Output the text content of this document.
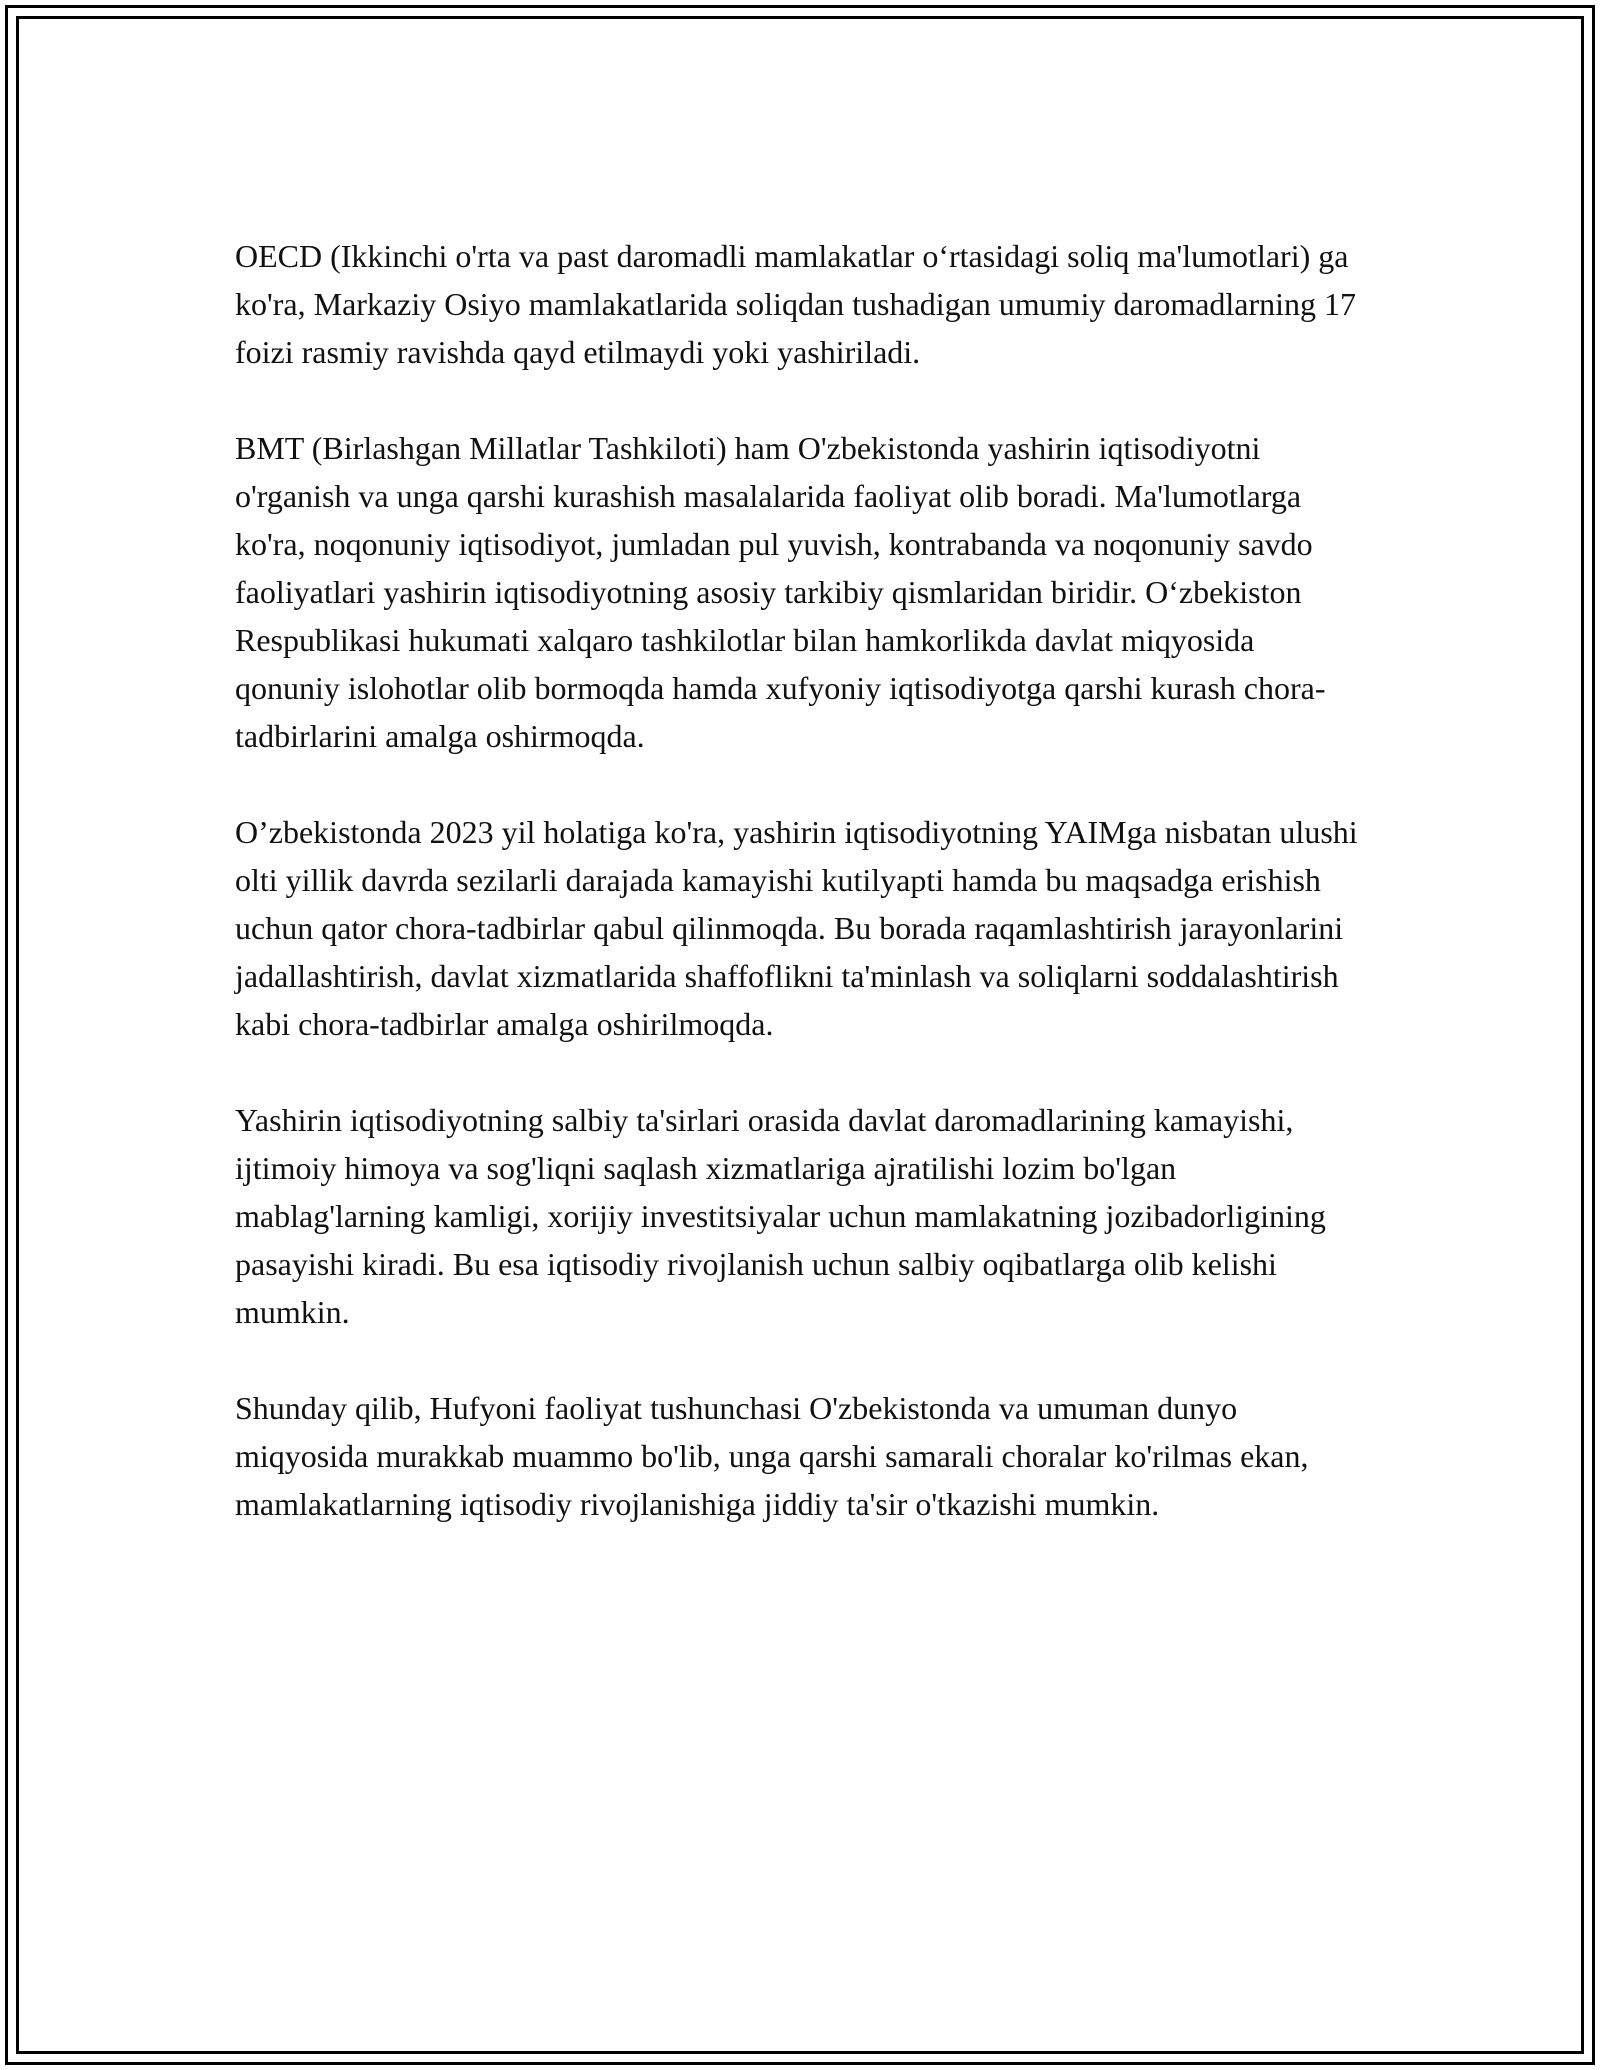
OECD (Ikkinchi o'rta va past daromadli mamlakatlar o‘rtasidagi soliq ma'lumotlari) ga ko'ra, Markaziy Osiyo mamlakatlarida soliqdan tushadigan umumiy daromadlarning 17 foizi rasmiy ravishda qayd etilmaydi yoki yashiriladi.

BMT (Birlashgan Millatlar Tashkiloti) ham O'zbekistonda yashirin iqtisodiyotni o'rganish va unga qarshi kurashish masalalarida faoliyat olib boradi. Ma'lumotlarga ko'ra, noqonuniy iqtisodiyot, jumladan pul yuvish, kontrabanda va noqonuniy savdo faoliyatlari yashirin iqtisodiyotning asosiy tarkibiy qismlaridan biridir. O‘zbekiston Respublikasi hukumati xalqaro tashkilotlar bilan hamkorlikda davlat miqyosida qonuniy islohotlar olib bormoqda hamda xufyoniy iqtisodiyotga qarshi kurash chora-tadbirlarini amalga oshirmoqda.

O’zbekistonda 2023 yil holatiga ko'ra, yashirin iqtisodiyotning YAIMga nisbatan ulushi olti yillik davrda sezilarli darajada kamayishi kutilyapti hamda bu maqsadga erishish uchun qator chora-tadbirlar qabul qilinmoqda. Bu borada raqamlashtirish jarayonlarini jadallashtirish, davlat xizmatlarida shaffoflikni ta'minlash va soliqlarni soddalashtirish kabi chora-tadbirlar amalga oshirilmoqda.

Yashirin iqtisodiyotning salbiy ta'sirlari orasida davlat daromadlarining kamayishi, ijtimoiy himoya va sog'liqni saqlash xizmatlariga ajratilishi lozim bo'lgan mablag'larning kamligi, xorijiy investitsiyalar uchun mamlakatning jozibadorligining pasayishi kiradi. Bu esa iqtisodiy rivojlanish uchun salbiy oqibatlarga olib kelishi mumkin.

Shunday qilib, Hufyoni faoliyat tushunchasi O'zbekistonda va umuman dunyo miqyosida murakkab muammo bo'lib, unga qarshi samarali choralar ko'rilmas ekan, mamlakatlarning iqtisodiy rivojlanishiga jiddiy ta'sir o'tkazishi mumkin.
